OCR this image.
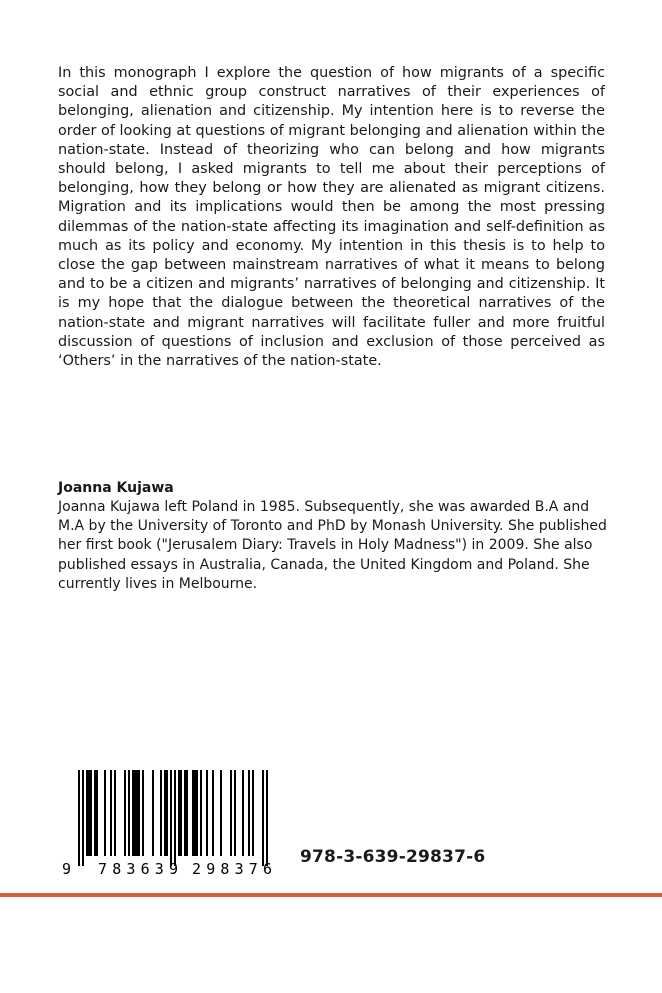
In this monograph I explore the question of how migrants of a specific social and ethnic group construct narratives of their experiences of belonging, alienation and citizenship. My intention here is to reverse the order of looking at questions of migrant belonging and alienation within the nation-state. Instead of theorizing who can belong and how migrants should belong, I asked migrants to tell me about their perceptions of belonging, how they belong or how they are alienated as migrant citizens. Migration and its implications would then be among the most pressing dilemmas of the nation-state affecting its imagination and self-definition as much as its policy and economy. My intention in this thesis is to help to close the gap between mainstream narratives of what it means to belong and to be a citizen and migrants’ narratives of belonging and citizenship. It is my hope that the dialogue between the theoretical narratives of the nation-state and migrant narratives will facilitate fuller and more fruitful discussion of questions of inclusion and exclusion of those perceived as ‘Others’ in the narratives of the nation-state.

Joanna Kujawa

Joanna Kujawa left Poland in 1985. Subsequently, she was awarded B.A and M.A by the University of Toronto and PhD by Monash University. She published her first book ("Jerusalem Diary: Travels in Holy Madness") in 2009. She also published essays in Australia, Canada, the United Kingdom and Poland. She currently lives in Melbourne.

9 783639 298376
978-3-639-29837-6
